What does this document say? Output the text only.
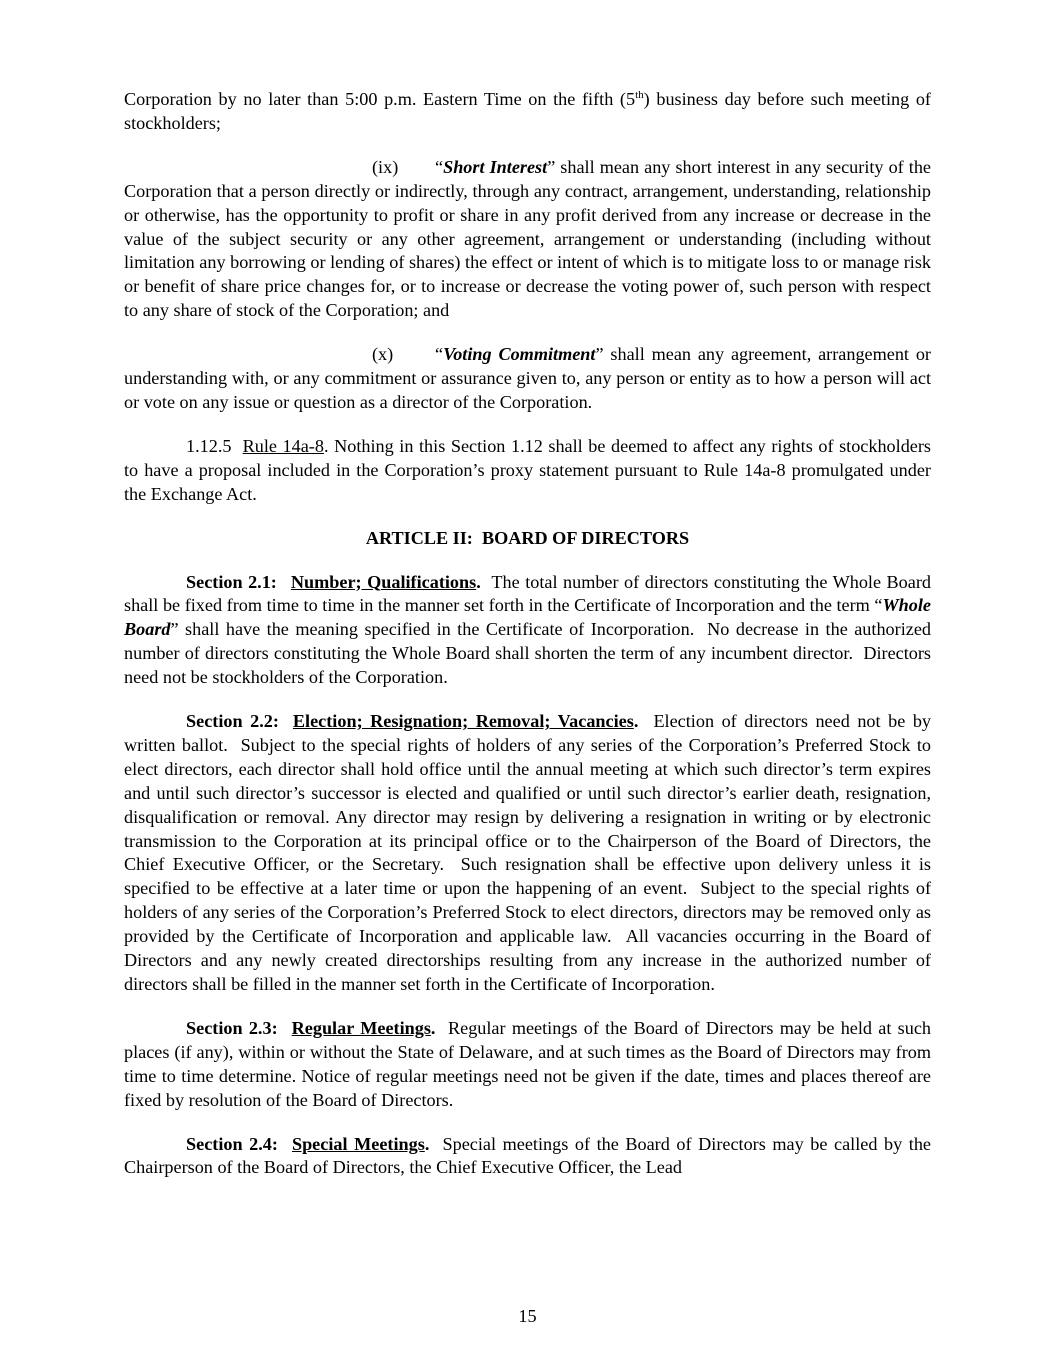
Corporation by no later than 5:00 p.m. Eastern Time on the fifth (5th) business day before such meeting of stockholders;

(ix) “Short Interest” shall mean any short interest in any security of the Corporation that a person directly or indirectly, through any contract, arrangement, understanding, relationship or otherwise, has the opportunity to profit or share in any profit derived from any increase or decrease in the value of the subject security or any other agreement, arrangement or understanding (including without limitation any borrowing or lending of shares) the effect or intent of which is to mitigate loss to or manage risk or benefit of share price changes for, or to increase or decrease the voting power of, such person with respect to any share of stock of the Corporation; and

(x) “Voting Commitment” shall mean any agreement, arrangement or understanding with, or any commitment or assurance given to, any person or entity as to how a person will act or vote on any issue or question as a director of the Corporation.

1.12.5 Rule 14a-8. Nothing in this Section 1.12 shall be deemed to affect any rights of stockholders to have a proposal included in the Corporation’s proxy statement pursuant to Rule 14a-8 promulgated under the Exchange Act.

ARTICLE II:  BOARD OF DIRECTORS

Section 2.1: Number; Qualifications.  The total number of directors constituting the Whole Board shall be fixed from time to time in the manner set forth in the Certificate of Incorporation and the term “Whole Board” shall have the meaning specified in the Certificate of Incorporation.  No decrease in the authorized number of directors constituting the Whole Board shall shorten the term of any incumbent director.  Directors need not be stockholders of the Corporation.

Section 2.2: Election; Resignation; Removal; Vacancies.  Election of directors need not be by written ballot.  Subject to the special rights of holders of any series of the Corporation’s Preferred Stock to elect directors, each director shall hold office until the annual meeting at which such director’s term expires and until such director’s successor is elected and qualified or until such director’s earlier death, resignation, disqualification or removal. Any director may resign by delivering a resignation in writing or by electronic transmission to the Corporation at its principal office or to the Chairperson of the Board of Directors, the Chief Executive Officer, or the Secretary.  Such resignation shall be effective upon delivery unless it is specified to be effective at a later time or upon the happening of an event.  Subject to the special rights of holders of any series of the Corporation’s Preferred Stock to elect directors, directors may be removed only as provided by the Certificate of Incorporation and applicable law.  All vacancies occurring in the Board of Directors and any newly created directorships resulting from any increase in the authorized number of directors shall be filled in the manner set forth in the Certificate of Incorporation.

Section 2.3: Regular Meetings.  Regular meetings of the Board of Directors may be held at such places (if any), within or without the State of Delaware, and at such times as the Board of Directors may from time to time determine. Notice of regular meetings need not be given if the date, times and places thereof are fixed by resolution of the Board of Directors.

Section 2.4: Special Meetings.  Special meetings of the Board of Directors may be called by the Chairperson of the Board of Directors, the Chief Executive Officer, the Lead

15
